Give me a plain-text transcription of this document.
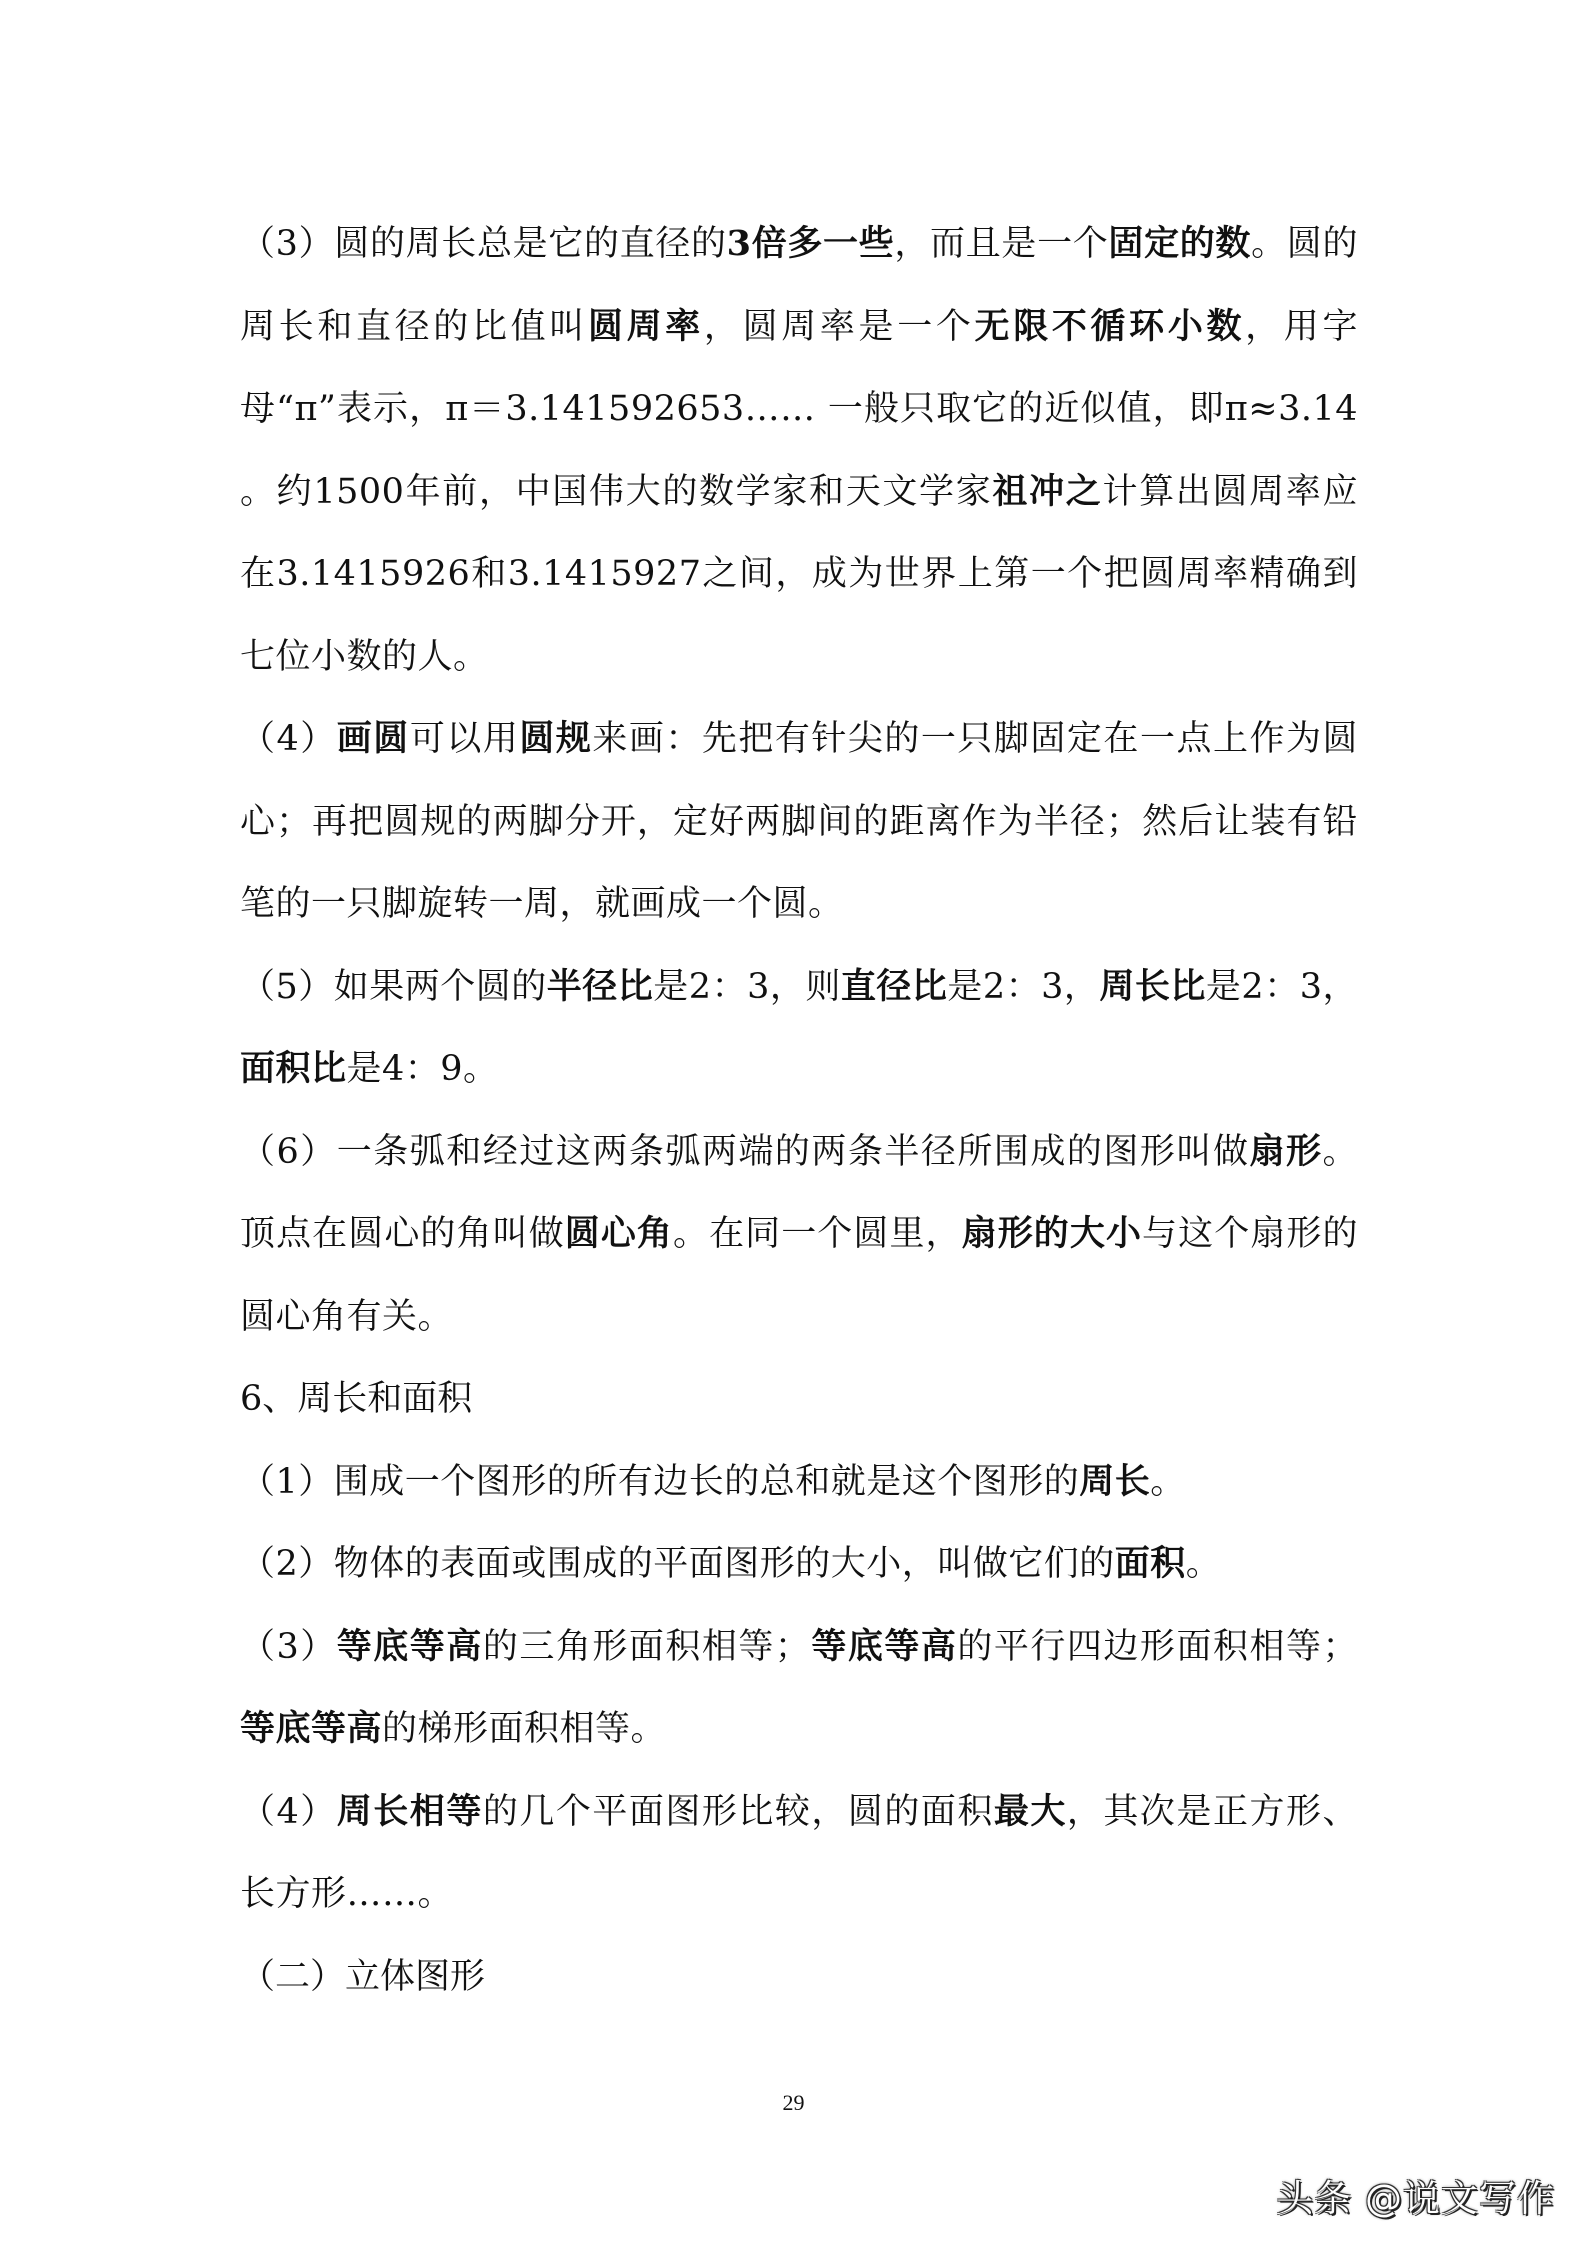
（3）圆的周长总是它的直径的3倍多一些，而且是一个固定的数。圆的周长和直径的比值叫圆周率，圆周率是一个无限不循环小数，用字母“π”表示，π＝3.141592653…… 一般只取它的近似值，即π≈3.14 。约1500年前，中国伟大的数学家和天文学家祖冲之计算出圆周率应在3.1415926和3.1415927之间，成为世界上第一个把圆周率精确到七位小数的人。

（4）画圆可以用圆规来画：先把有针尖的一只脚固定在一点上作为圆心；再把圆规的两脚分开，定好两脚间的距离作为半径；然后让装有铅笔的一只脚旋转一周，就画成一个圆。

（5）如果两个圆的半径比是2：3，则直径比是2：3，周长比是2：3，面积比是4：9。

（6）一条弧和经过这两条弧两端的两条半径所围成的图形叫做扇形。顶点在圆心的角叫做圆心角。在同一个圆里，扇形的大小与这个扇形的圆心角有关。

6、周长和面积

（1）围成一个图形的所有边长的总和就是这个图形的周长。

（2）物体的表面或围成的平面图形的大小，叫做它们的面积。

（3）等底等高的三角形面积相等；等底等高的平行四边形面积相等；等底等高的梯形面积相等。

（4）周长相等的几个平面图形比较，圆的面积最大，其次是正方形、长方形……。

（二）立体图形

29
头条 @说文写作
